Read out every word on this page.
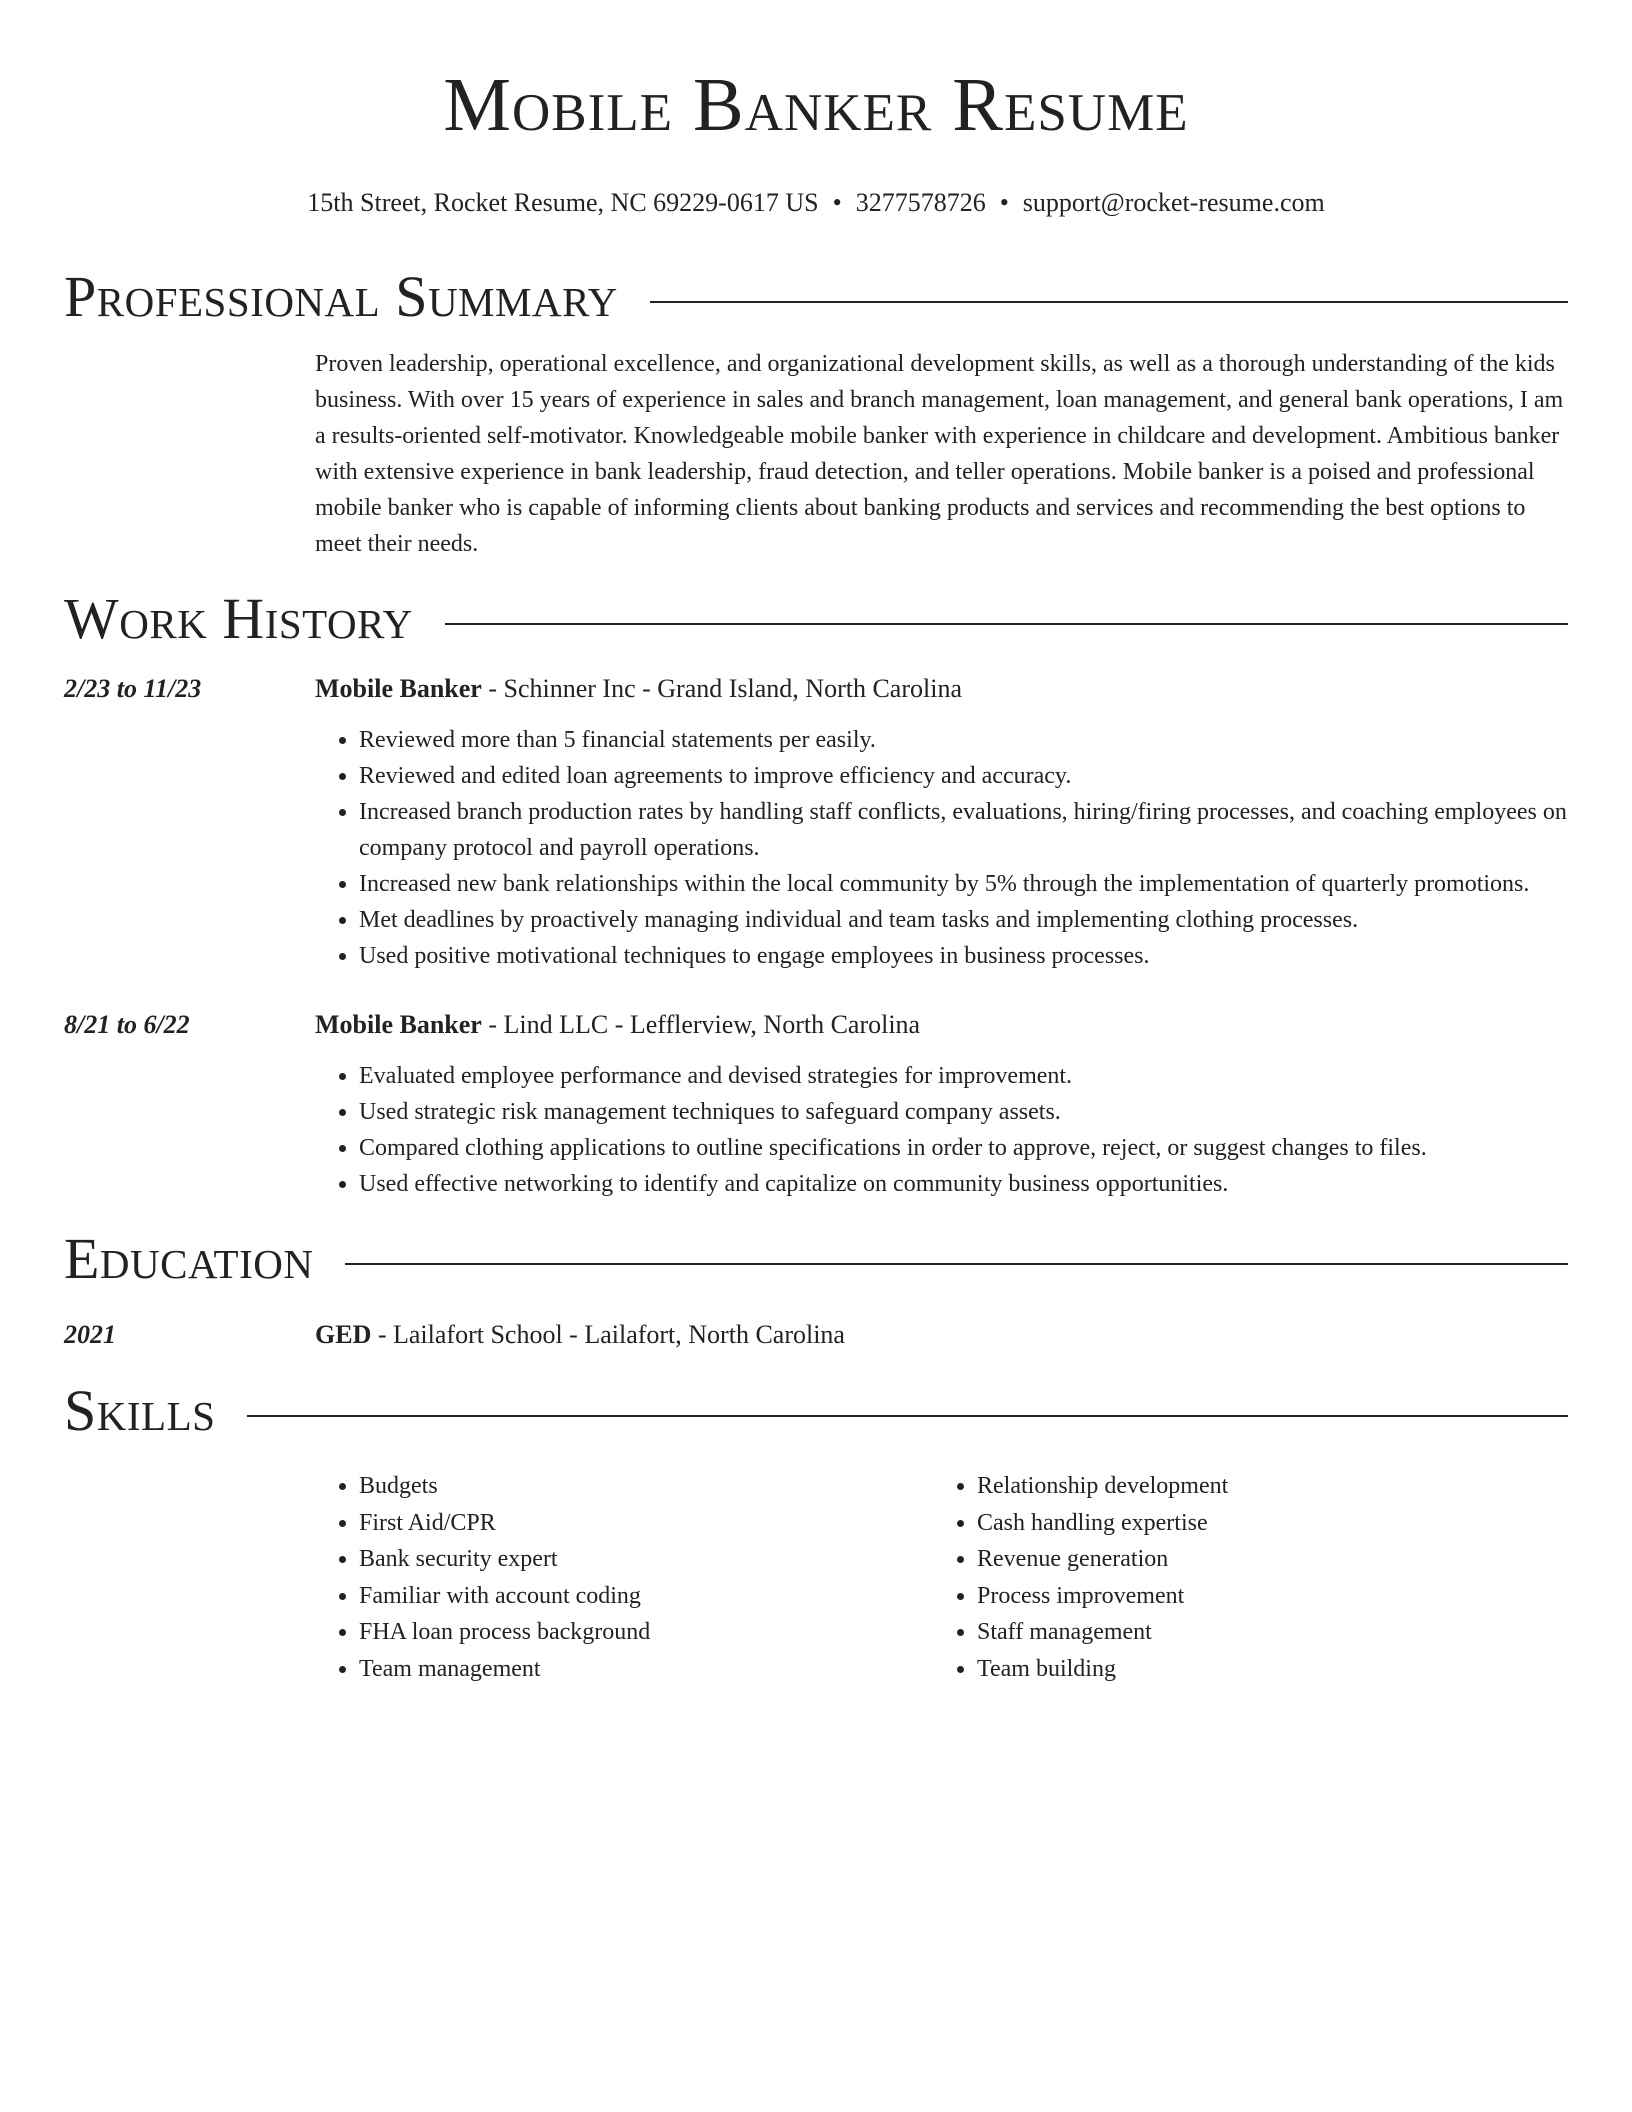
Mobile Banker Resume
15th Street, Rocket Resume, NC 69229-0617 US • 3277578726 • support@rocket-resume.com
Professional Summary
Proven leadership, operational excellence, and organizational development skills, as well as a thorough understanding of the kids business. With over 15 years of experience in sales and branch management, loan management, and general bank operations, I am a results-oriented self-motivator. Knowledgeable mobile banker with experience in childcare and development. Ambitious banker with extensive experience in bank leadership, fraud detection, and teller operations. Mobile banker is a poised and professional mobile banker who is capable of informing clients about banking products and services and recommending the best options to meet their needs.
Work History
2/23 to 11/23	Mobile Banker - Schinner Inc - Grand Island, North Carolina
• Reviewed more than 5 financial statements per easily.
• Reviewed and edited loan agreements to improve efficiency and accuracy.
• Increased branch production rates by handling staff conflicts, evaluations, hiring/firing processes, and coaching employees on company protocol and payroll operations.
• Increased new bank relationships within the local community by 5% through the implementation of quarterly promotions.
• Met deadlines by proactively managing individual and team tasks and implementing clothing processes.
• Used positive motivational techniques to engage employees in business processes.
8/21 to 6/22	Mobile Banker - Lind LLC - Lefflerview, North Carolina
• Evaluated employee performance and devised strategies for improvement.
• Used strategic risk management techniques to safeguard company assets.
• Compared clothing applications to outline specifications in order to approve, reject, or suggest changes to files.
• Used effective networking to identify and capitalize on community business opportunities.
Education
2021	GED - Lailafort School - Lailafort, North Carolina
Skills
• Budgets
• First Aid/CPR
• Bank security expert
• Familiar with account coding
• FHA loan process background
• Team management
• Relationship development
• Cash handling expertise
• Revenue generation
• Process improvement
• Staff management
• Team building
